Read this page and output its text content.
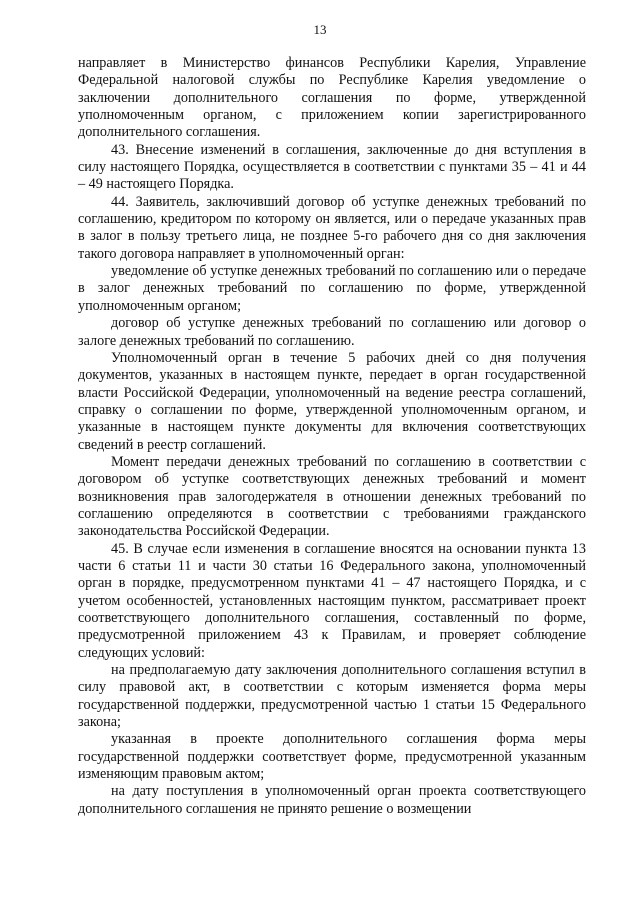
13

направляет в Министерство финансов Республики Карелия, Управление Федеральной налоговой службы по Республике Карелия уведомление о заключении дополнительного соглашения по форме, утвержденной уполномоченным органом, с приложением копии зарегистрированного дополнительного соглашения.

43. Внесение изменений в соглашения, заключенные до дня вступления в силу настоящего Порядка, осуществляется в соответствии с пунктами 35 – 41 и 44 – 49 настоящего Порядка.

44. Заявитель, заключивший договор об уступке денежных требований по соглашению, кредитором по которому он является, или о передаче указанных прав в залог в пользу третьего лица, не позднее 5-го рабочего дня со дня заключения такого договора направляет в уполномоченный орган:

уведомление об уступке денежных требований по соглашению или о передаче в залог денежных требований по соглашению по форме, утвержденной уполномоченным органом;

договор об уступке денежных требований по соглашению или договор о залоге денежных требований по соглашению.

Уполномоченный орган в течение 5 рабочих дней со дня получения документов, указанных в настоящем пункте, передает в орган государственной власти Российской Федерации, уполномоченный на ведение реестра соглашений, справку о соглашении по форме, утвержденной уполномоченным органом, и указанные в настоящем пункте документы для включения соответствующих сведений в реестр соглашений.

Момент передачи денежных требований по соглашению в соответствии с договором об уступке соответствующих денежных требований и момент возникновения прав залогодержателя в отношении денежных требований по соглашению определяются в соответствии с требованиями гражданского законодательства Российской Федерации.

45. В случае если изменения в соглашение вносятся на основании пункта 13 части 6 статьи 11 и части 30 статьи 16 Федерального закона, уполномоченный орган в порядке, предусмотренном пунктами 41 – 47 настоящего Порядка, и с учетом особенностей, установленных настоящим пунктом, рассматривает проект соответствующего дополнительного соглашения, составленный по форме, предусмотренной приложением 43 к Правилам, и проверяет соблюдение следующих условий:

на предполагаемую дату заключения дополнительного соглашения вступил в силу правовой акт, в соответствии с которым изменяется форма меры государственной поддержки, предусмотренной частью 1 статьи 15 Федерального закона;

указанная в проекте дополнительного соглашения форма меры государственной поддержки соответствует форме, предусмотренной указанным изменяющим правовым актом;

на дату поступления в уполномоченный орган проекта соответствующего дополнительного соглашения не принято решение о возмещении
